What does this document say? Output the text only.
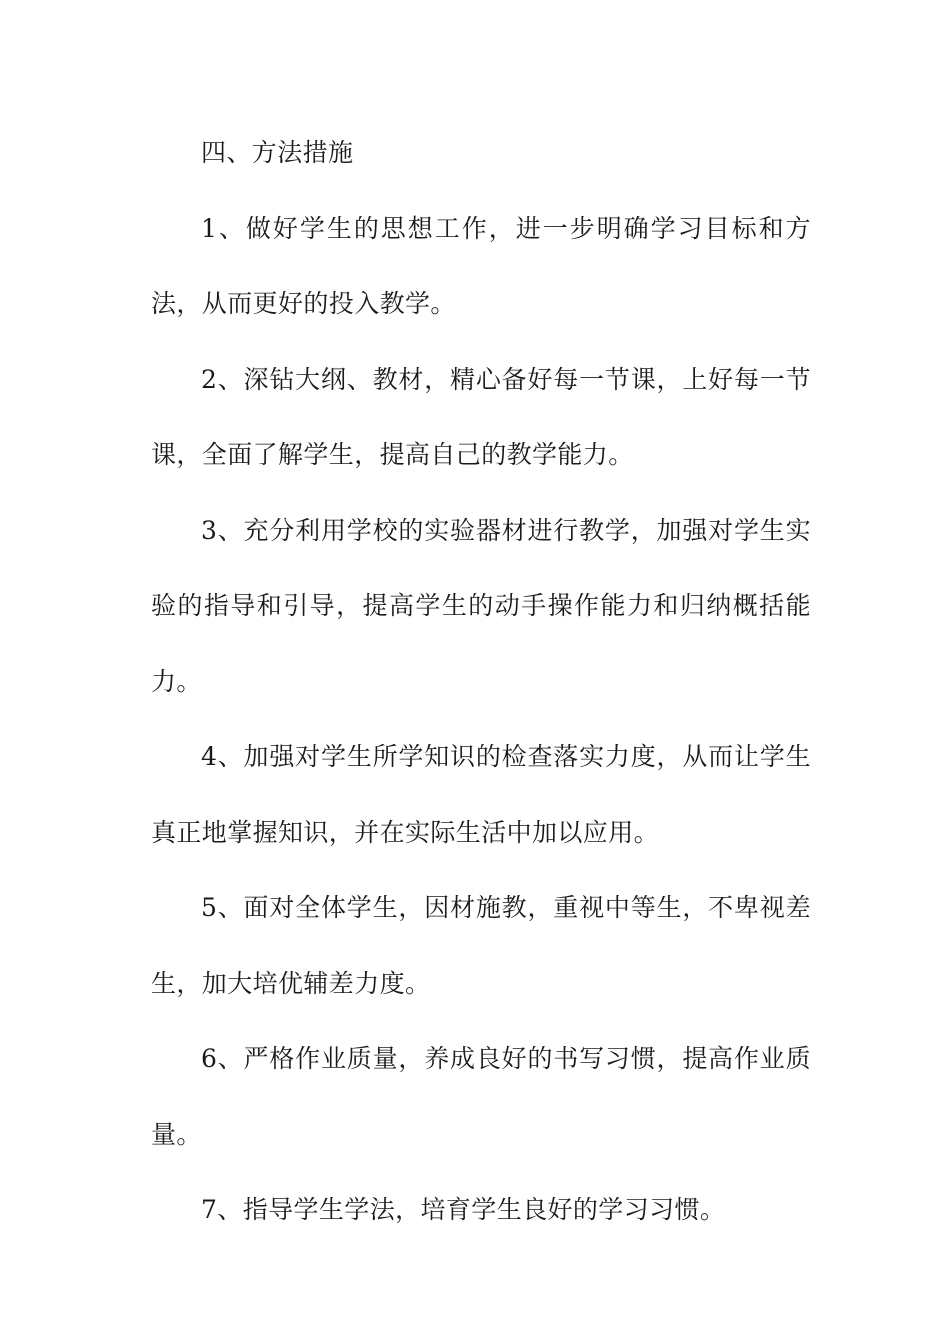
四、方法措施

1、做好学生的思想工作，进一步明确学习目标和方法，从而更好的投入教学。

2、深钻大纲、教材，精心备好每一节课，上好每一节课，全面了解学生，提高自己的教学能力。

3、充分利用学校的实验器材进行教学，加强对学生实验的指导和引导，提高学生的动手操作能力和归纳概括能力。

4、加强对学生所学知识的检查落实力度，从而让学生真正地掌握知识，并在实际生活中加以应用。

5、面对全体学生，因材施教，重视中等生，不卑视差生，加大培优辅差力度。

6、严格作业质量，养成良好的书写习惯，提高作业质量。

7、指导学生学法，培育学生良好的学习习惯。
